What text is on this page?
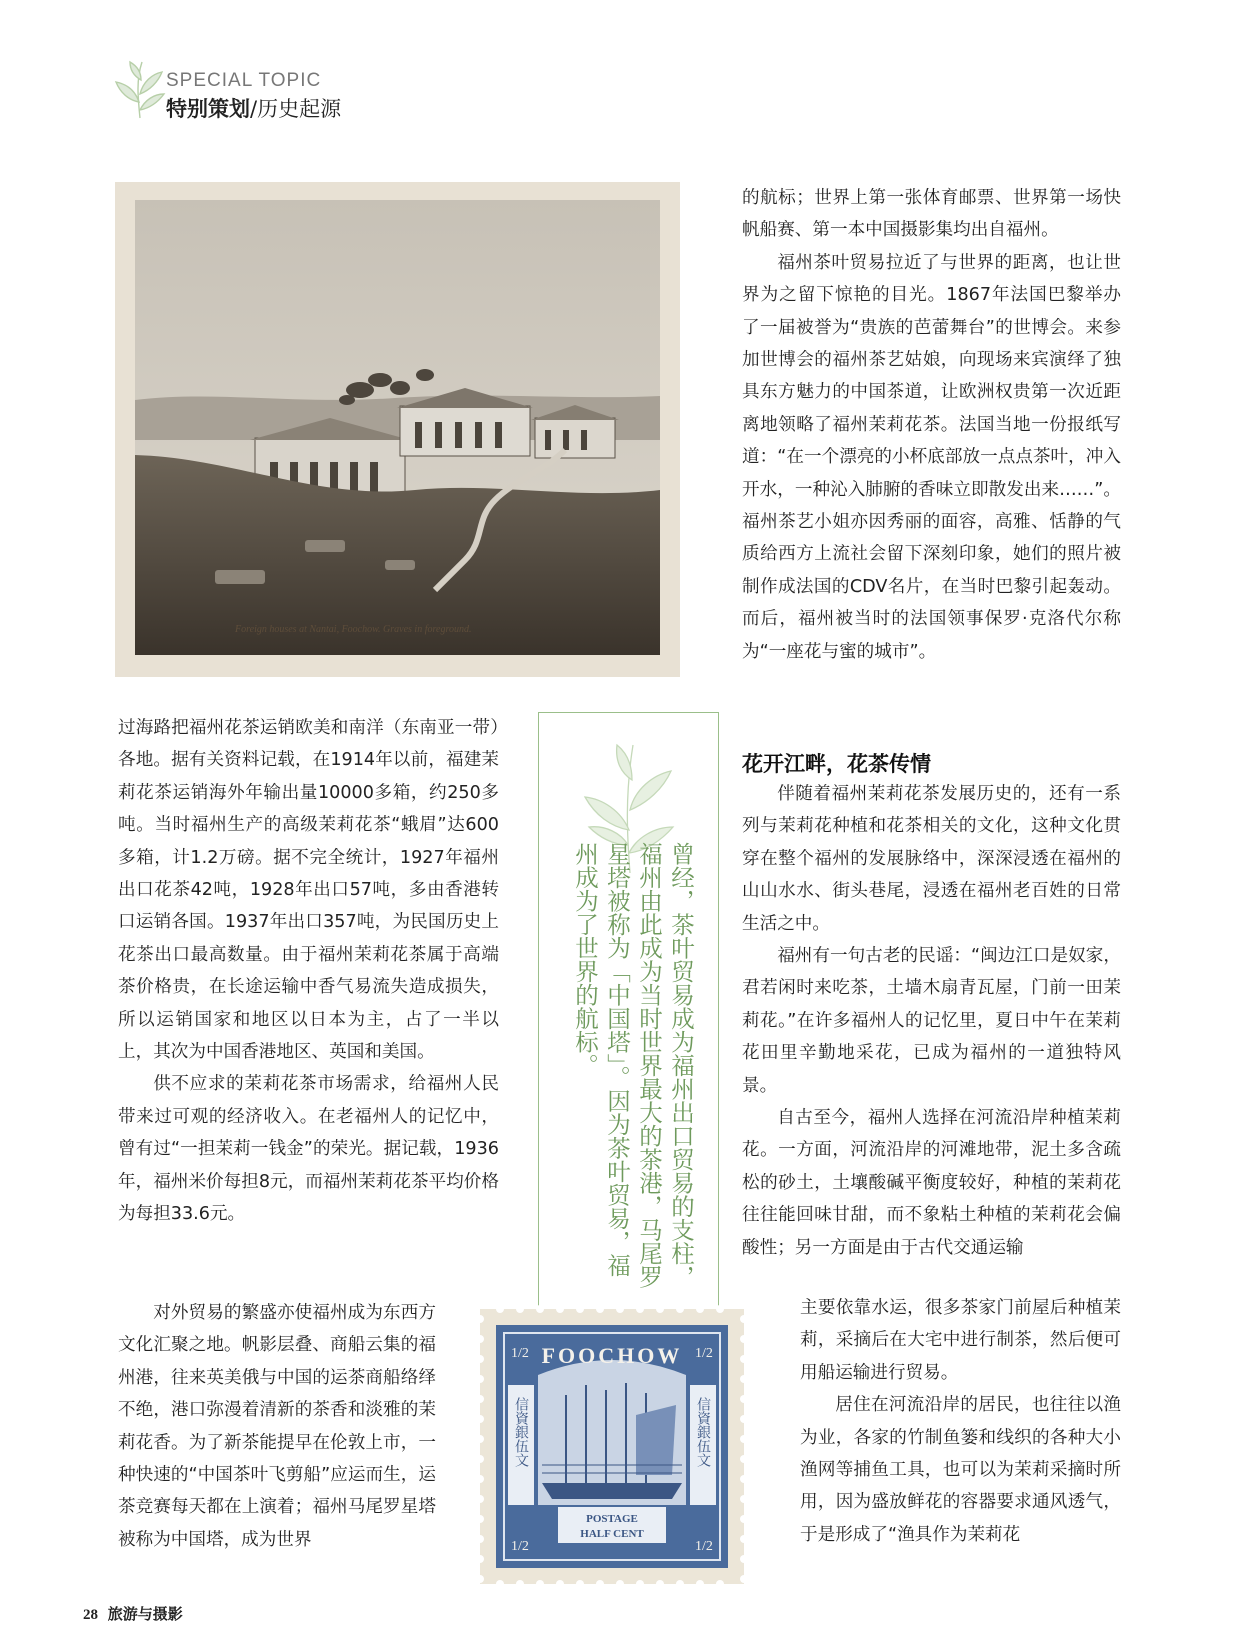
SPECIAL TOPIC
特别策划/历史起源
Foreign houses at Nantai, Foochow. Graves in foreground.

过海路把福州花茶运销欧美和南洋（东南亚一带）各地。据有关资料记载，在1914年以前，福建茉莉花茶运销海外年输出量10000多箱，约250多吨。当时福州生产的高级茉莉花茶“蛾眉”达600多箱，计1.2万磅。据不完全统计，1927年福州出口花茶42吨，1928年出口57吨，多由香港转口运销各国。1937年出口357吨，为民国历史上花茶出口最高数量。由于福州茉莉花茶属于高端茶价格贵，在长途运输中香气易流失造成损失，所以运销国家和地区以日本为主，占了一半以上，其次为中国香港地区、英国和美国。

供不应求的茉莉花茶市场需求，给福州人民带来过可观的经济收入。在老福州人的记忆中，曾有过“一担茉莉一钱金”的荣光。据记载，1936年，福州米价每担8元，而福州茉莉花茶平均价格为每担33.6元。

对外贸易的繁盛亦使福州成为东西方文化汇聚之地。帆影层叠、商船云集的福州港，往来英美俄与中国的运茶商船络绎不绝，港口弥漫着清新的茶香和淡雅的茉莉花香。为了新茶能提早在伦敦上市，一种快速的“中国茶叶飞剪船”应运而生，运茶竞赛每天都在上演着；福州马尾罗星塔被称为中国塔，成为世界

曾经，茶叶贸易成为福州出口贸易的支柱，福州由此成为当时世界最大的茶港，马尾罗星塔被称为「中国塔」。因为茶叶贸易，福州成为了世界的航标。

的航标；世界上第一张体育邮票、世界第一场快帆船赛、第一本中国摄影集均出自福州。

福州茶叶贸易拉近了与世界的距离，也让世界为之留下惊艳的目光。1867年法国巴黎举办了一届被誉为“贵族的芭蕾舞台”的世博会。来参加世博会的福州茶艺姑娘，向现场来宾演绎了独具东方魅力的中国茶道，让欧洲权贵第一次近距离地领略了福州茉莉花茶。法国当地一份报纸写道：“在一个漂亮的小杯底部放一点点茶叶，冲入开水，一种沁入肺腑的香味立即散发出来……”。福州茶艺小姐亦因秀丽的面容，高雅、恬静的气质给西方上流社会留下深刻印象，她们的照片被制作成法国的CDV名片，在当时巴黎引起轰动。而后，福州被当时的法国领事保罗·克洛代尔称为“一座花与蜜的城市”。

花开江畔，花茶传情

伴随着福州茉莉花茶发展历史的，还有一系列与茉莉花种植和花茶相关的文化，这种文化贯穿在整个福州的发展脉络中，深深浸透在福州的山山水水、街头巷尾，浸透在福州老百姓的日常生活之中。

福州有一句古老的民谣：“闽边江口是奴家，君若闲时来吃茶，土墙木扇青瓦屋，门前一田茉莉花。”在许多福州人的记忆里，夏日中午在茉莉花田里辛勤地采花，已成为福州的一道独特风景。

自古至今，福州人选择在河流沿岸种植茉莉花。一方面，河流沿岸的河滩地带，泥土多含疏松的砂土，土壤酸碱平衡度较好，种植的茉莉花往往能回味甘甜，而不象粘土种植的茉莉花会偏酸性；另一方面是由于古代交通运输

主要依靠水运，很多茶家门前屋后种植茉莉，采摘后在大宅中进行制茶，然后便可用船运输进行贸易。

居住在河流沿岸的居民，也往往以渔为业，各家的竹制鱼篓和线织的各种大小渔网等捕鱼工具，也可以为茉莉采摘时所用，因为盛放鲜花的容器要求通风透气，于是形成了“渔具作为茉莉花

信資銀伍文	信資銀伍文
FOOCHOW
POSTAGE
HALF CENT
1/2	1/2
1/2	1/2
28 旅游与摄影
